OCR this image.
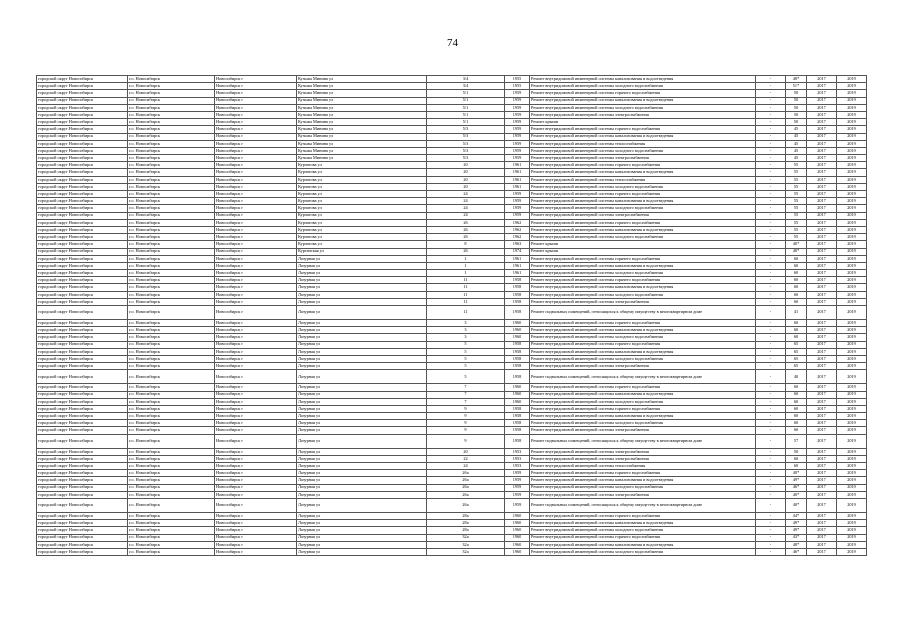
74
городской округ Новосибирск	г.о. Новосибирск	Новосибирск г	Кузьмы Минина ул	3/4	1955	Ремонт внутридомовой инженерной системы канализования и водоотведения	-	48*	2017	2019
городской округ Новосибирск	г.о. Новосибирск	Новосибирск г	Кузьмы Минина ул	3/4	1955	Ремонт внутридомовой инженерной системы холодного водоснабжения	-	51*	2017	2019
городской округ Новосибирск	г.о. Новосибирск	Новосибирск г	Кузьмы Минина ул	5/1	1959	Ремонт внутридомовой инженерной системы горячего водоснабжения	-	50	2017	2019
городской округ Новосибирск	г.о. Новосибирск	Новосибирск г	Кузьмы Минина ул	5/1	1959	Ремонт внутридомовой инженерной системы канализования и водоотведения	-	50	2017	2019
городской округ Новосибирск	г.о. Новосибирск	Новосибирск г	Кузьмы Минина ул	5/1	1959	Ремонт внутридомовой инженерной системы холодного водоснабжения	-	50	2017	2019
городской округ Новосибирск	г.о. Новосибирск	Новосибирск г	Кузьмы Минина ул	5/1	1959	Ремонт внутридомовой инженерной системы электроснабжения	-	50	2017	2019
городской округ Новосибирск	г.о. Новосибирск	Новосибирск г	Кузьмы Минина ул	5/1	1959	Ремонт крыши	-	50	2017	2019
городской округ Новосибирск	г.о. Новосибирск	Новосибирск г	Кузьмы Минина ул	5/3	1959	Ремонт внутридомовой инженерной системы горячего водоснабжения	-	45	2017	2019
городской округ Новосибирск	г.о. Новосибирск	Новосибирск г	Кузьмы Минина ул	5/3	1959	Ремонт внутридомовой инженерной системы канализования и водоотведения	-	45	2017	2019
городской округ Новосибирск	г.о. Новосибирск	Новосибирск г	Кузьмы Минина ул	5/3	1959	Ремонт внутридомовой инженерной системы теплоснабжения	-	45	2017	2019
городской округ Новосибирск	г.о. Новосибирск	Новосибирск г	Кузьмы Минина ул	5/3	1959	Ремонт внутридомовой инженерной системы холодного водоснабжения	-	45	2017	2019
городской округ Новосибирск	г.о. Новосибирск	Новосибирск г	Кузьмы Минина ул	5/3	1959	Ремонт внутридомовой инженерной системы электроснабжения	-	45	2017	2019
городской округ Новосибирск	г.о. Новосибирск	Новосибирск г	Курчатова ул	20	1961	Ремонт внутридомовой инженерной системы горячего водоснабжения	-	55	2017	2019
городской округ Новосибирск	г.о. Новосибирск	Новосибирск г	Курчатова ул	20	1961	Ремонт внутридомовой инженерной системы канализования и водоотведения	-	55	2017	2019
городской округ Новосибирск	г.о. Новосибирск	Новосибирск г	Курчатова ул	20	1961	Ремонт внутридомовой инженерной системы теплоснабжения	-	55	2017	2019
городской округ Новосибирск	г.о. Новосибирск	Новосибирск г	Курчатова ул	20	1961	Ремонт внутридомовой инженерной системы холодного водоснабжения	-	55	2017	2019
городской округ Новосибирск	г.о. Новосибирск	Новосибирск г	Курчатова ул	24	1959	Ремонт внутридомовой инженерной системы горячего водоснабжения	-	55	2017	2019
городской округ Новосибирск	г.о. Новосибирск	Новосибирск г	Курчатова ул	24	1959	Ремонт внутридомовой инженерной системы канализования и водоотведения	-	55	2017	2019
городской округ Новосибирск	г.о. Новосибирск	Новосибирск г	Курчатова ул	24	1959	Ремонт внутридомовой инженерной системы холодного водоснабжения	-	55	2017	2019
городской округ Новосибирск	г.о. Новосибирск	Новосибирск г	Курчатова ул	24	1959	Ремонт внутридомовой инженерной системы электроснабжения	-	55	2017	2019
городской округ Новосибирск	г.о. Новосибирск	Новосибирск г	Курчатова ул	26	1962	Ремонт внутридомовой инженерной системы горячего водоснабжения	-	55	2017	2019
городской округ Новосибирск	г.о. Новосибирск	Новосибирск г	Курчатова ул	26	1962	Ремонт внутридомовой инженерной системы канализования и водоотведения	-	55	2017	2019
городской округ Новосибирск	г.о. Новосибирск	Новосибирск г	Курчатова ул	26	1962	Ремонт внутридомовой инженерной системы холодного водоснабжения	-	55	2017	2019
городской округ Новосибирск	г.о. Новосибирск	Новосибирск г	Курчатова ул	8	1963	Ремонт крыши	-	40*	2017	2019
городской округ Новосибирск	г.о. Новосибирск	Новосибирск г	Курганская ул	26	1974	Ремонт крыши	-	40*	2017	2019
городской округ Новосибирск	г.о. Новосибирск	Новосибирск г	Лазурная ул	1	1961	Ремонт внутридомовой инженерной системы горячего водоснабжения	-	60	2017	2019
городской округ Новосибирск	г.о. Новосибирск	Новосибирск г	Лазурная ул	1	1961	Ремонт внутридомовой инженерной системы канализования и водоотведения	-	60	2017	2019
городской округ Новосибирск	г.о. Новосибирск	Новосибирск г	Лазурная ул	1	1961	Ремонт внутридомовой инженерной системы холодного водоснабжения	-	60	2017	2019
городской округ Новосибирск	г.о. Новосибирск	Новосибирск г	Лазурная ул	11	1958	Ремонт внутридомовой инженерной системы горячего водоснабжения	-	60	2017	2019
городской округ Новосибирск	г.о. Новосибирск	Новосибирск г	Лазурная ул	11	1958	Ремонт внутридомовой инженерной системы канализования и водоотведения	-	60	2017	2019
городской округ Новосибирск	г.о. Новосибирск	Новосибирск г	Лазурная ул	11	1958	Ремонт внутридомовой инженерной системы холодного водоснабжения	-	60	2017	2019
городской округ Новосибирск	г.о. Новосибирск	Новосибирск г	Лазурная ул	11	1958	Ремонт внутридомовой инженерной системы электроснабжения	-	60	2017	2019
городской округ Новосибирск	г.о. Новосибирск	Новосибирск г	Лазурная ул	11	1958	Ремонт подвальных помещений, относящихся к общему имуществу в многоквартирном доме	-	41	2017	2019
городской округ Новосибирск	г.о. Новосибирск	Новосибирск г	Лазурная ул	3	1960	Ремонт внутридомовой инженерной системы горячего водоснабжения	-	60	2017	2019
городской округ Новосибирск	г.о. Новосибирск	Новосибирск г	Лазурная ул	3	1960	Ремонт внутридомовой инженерной системы канализования и водоотведения	-	60	2017	2019
городской округ Новосибирск	г.о. Новосибирск	Новосибирск г	Лазурная ул	3	1960	Ремонт внутридомовой инженерной системы холодного водоснабжения	-	60	2017	2019
городской округ Новосибирск	г.о. Новосибирск	Новосибирск г	Лазурная ул	5	1958	Ремонт внутридомовой инженерной системы горячего водоснабжения	-	65	2017	2019
городской округ Новосибирск	г.о. Новосибирск	Новосибирск г	Лазурная ул	5	1958	Ремонт внутридомовой инженерной системы канализования и водоотведения	-	65	2017	2019
городской округ Новосибирск	г.о. Новосибирск	Новосибирск г	Лазурная ул	5	1958	Ремонт внутридомовой инженерной системы холодного водоснабжения	-	65	2017	2019
городской округ Новосибирск	г.о. Новосибирск	Новосибирск г	Лазурная ул	5	1958	Ремонт внутридомовой инженерной системы электроснабжения	-	65	2017	2019
городской округ Новосибирск	г.о. Новосибирск	Новосибирск г	Лазурная ул	5	1958	Ремонт подвальных помещений, относящихся к общему имуществу в многоквартирном доме	-	40	2017	2019
городской округ Новосибирск	г.о. Новосибирск	Новосибирск г	Лазурная ул	7	1960	Ремонт внутридомовой инженерной системы горячего водоснабжения	-	60	2017	2019
городской округ Новосибирск	г.о. Новосибирск	Новосибирск г	Лазурная ул	7	1960	Ремонт внутридомовой инженерной системы канализования и водоотведения	-	60	2017	2019
городской округ Новосибирск	г.о. Новосибирск	Новосибирск г	Лазурная ул	7	1960	Ремонт внутридомовой инженерной системы холодного водоснабжения	-	60	2017	2019
городской округ Новосибирск	г.о. Новосибирск	Новосибирск г	Лазурная ул	9	1958	Ремонт внутридомовой инженерной системы горячего водоснабжения	-	60	2017	2019
городской округ Новосибирск	г.о. Новосибирск	Новосибирск г	Лазурная ул	9	1958	Ремонт внутридомовой инженерной системы канализования и водоотведения	-	60	2017	2019
городской округ Новосибирск	г.о. Новосибирск	Новосибирск г	Лазурная ул	9	1958	Ремонт внутридомовой инженерной системы холодного водоснабжения	-	60	2017	2019
городской округ Новосибирск	г.о. Новосибирск	Новосибирск г	Лазурная ул	9	1958	Ремонт внутридомовой инженерной системы электроснабжения	-	60	2017	2019
городской округ Новосибирск	г.о. Новосибирск	Новосибирск г	Лазурная ул	9	1958	Ремонт подвальных помещений, относящихся к общему имуществу в многоквартирном доме	-	57	2017	2019
городской округ Новосибирск	г.о. Новосибирск	Новосибирск г	Лазурная ул	20	1953	Ремонт внутридомовой инженерной системы электроснабжения	-	50	2017	2019
городской округ Новосибирск	г.о. Новосибирск	Новосибирск г	Лазурная ул	22	1953	Ремонт внутридомовой инженерной системы электроснабжения	-	60	2017	2019
городской округ Новосибирск	г.о. Новосибирск	Новосибирск г	Лазурная ул	24	1953	Ремонт внутридомовой инженерной системы теплоснабжения	-	60	2017	2019
городской округ Новосибирск	г.о. Новосибирск	Новосибирск г	Лазурная ул	26а	1959	Ремонт внутридомовой инженерной системы горячего водоснабжения	-	40*	2017	2019
городской округ Новосибирск	г.о. Новосибирск	Новосибирск г	Лазурная ул	26а	1959	Ремонт внутридомовой инженерной системы канализования и водоотведения	-	49*	2017	2019
городской округ Новосибирск	г.о. Новосибирск	Новосибирск г	Лазурная ул	26а	1959	Ремонт внутридомовой инженерной системы холодного водоснабжения	-	46*	2017	2019
городской округ Новосибирск	г.о. Новосибирск	Новосибирск г	Лазурная ул	26а	1959	Ремонт внутридомовой инженерной системы электроснабжения	-	40*	2017	2019
городской округ Новосибирск	г.о. Новосибирск	Новосибирск г	Лазурная ул	26а	1959	Ремонт подвальных помещений, относящихся к общему имуществу в многоквартирном доме	-	40*	2017	2019
городской округ Новосибирск	г.о. Новосибирск	Новосибирск г	Лазурная ул	28а	1960	Ремонт внутридомовой инженерной системы горячего водоснабжения	-	44*	2017	2019
городской округ Новосибирск	г.о. Новосибирск	Новосибирск г	Лазурная ул	28а	1960	Ремонт внутридомовой инженерной системы канализования и водоотведения	-	49*	2017	2019
городской округ Новосибирск	г.о. Новосибирск	Новосибирск г	Лазурная ул	28а	1960	Ремонт внутридомовой инженерной системы холодного водоснабжения	-	49*	2017	2019
городской округ Новосибирск	г.о. Новосибирск	Новосибирск г	Лазурная ул	32а	1960	Ремонт внутридомовой инженерной системы горячего водоснабжения	-	43*	2017	2019
городской округ Новосибирск	г.о. Новосибирск	Новосибирск г	Лазурная ул	32а	1960	Ремонт внутридомовой инженерной системы канализования и водоотведения	-	48*	2017	2019
городской округ Новосибирск	г.о. Новосибирск	Новосибирск г	Лазурная ул	32а	1960	Ремонт внутридомовой инженерной системы холодного водоснабжения	-	46*	2017	2019
